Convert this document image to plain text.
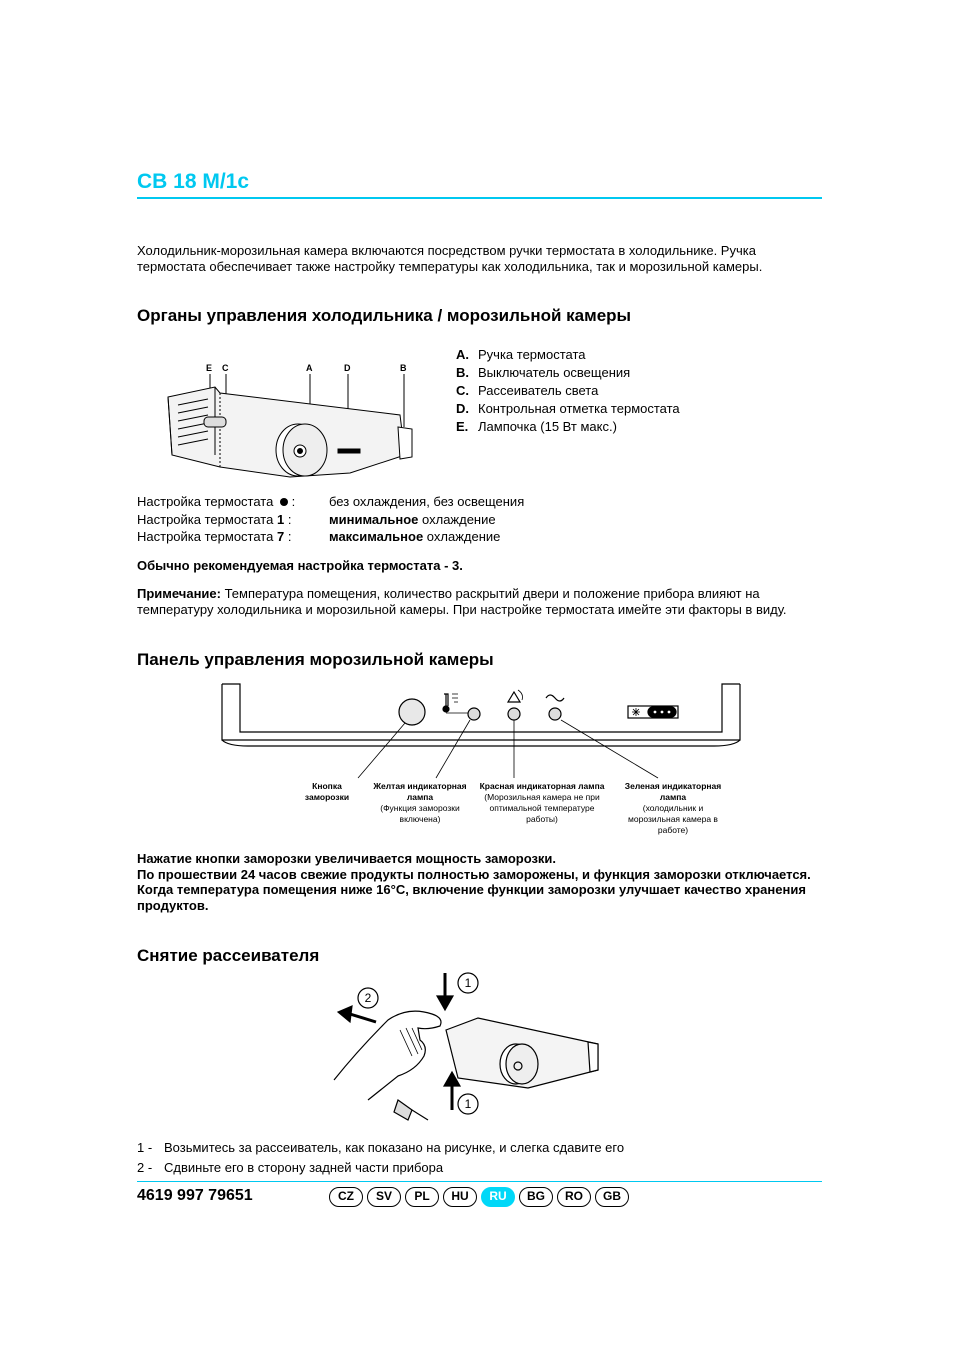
CB 18 M/1c
Холодильник-морозильная камера включаются посредством ручки термостата в холодильнике. Ручка термостата обеспечивает также настройку температуры как холодильника, так и морозильной камеры.
Органы управления холодильника / морозильной камеры
E C	A	D	B
A. Ручка термостата
B. Выключатель освещения
C. Рассеиватель света
D. Контрольная отметка термостата
E. Лампочка (15 Вт макс.)
Настройка термостата  :	без охлаждения, без освещения
Настройка термостата 1 :	минимальное охлаждение
Настройка термостата 7 :	максимальное охлаждение
Обычно рекомендуемая настройка термостата - 3.
Примечание: Температура помещения, количество раскрытий двери и положение прибора влияют на температуру холодильника и морозильной камеры. При настройке термостата имейте эти факторы в виду.
Панель управления морозильной камеры
Кнопка заморозки
Желтая индикаторная лампа
(Функция заморозки включена)
Красная индикаторная лампа
(Морозильная камера не при оптимальной температуре работы)
Зеленая индикаторная лампа
(холодильник и морозильная камера в работе)
Нажатие кнопки заморозки увеличивается мощность заморозки.
По прошествии 24 часов свежие продукты полностью заморожены, и функция заморозки отключается.
Когда температура помещения ниже 16°C, включение функции заморозки улучшает качество хранения продуктов.
Снятие рассеивателя
1
2
1
1 - Возьмитесь за рассеиватель, как показано на рисунке, и слегка сдавите его
2 - Сдвиньте его в сторону задней части прибора
4619 997 79651	CZ	SV	PL	HU	RU	BG	RO	GB
